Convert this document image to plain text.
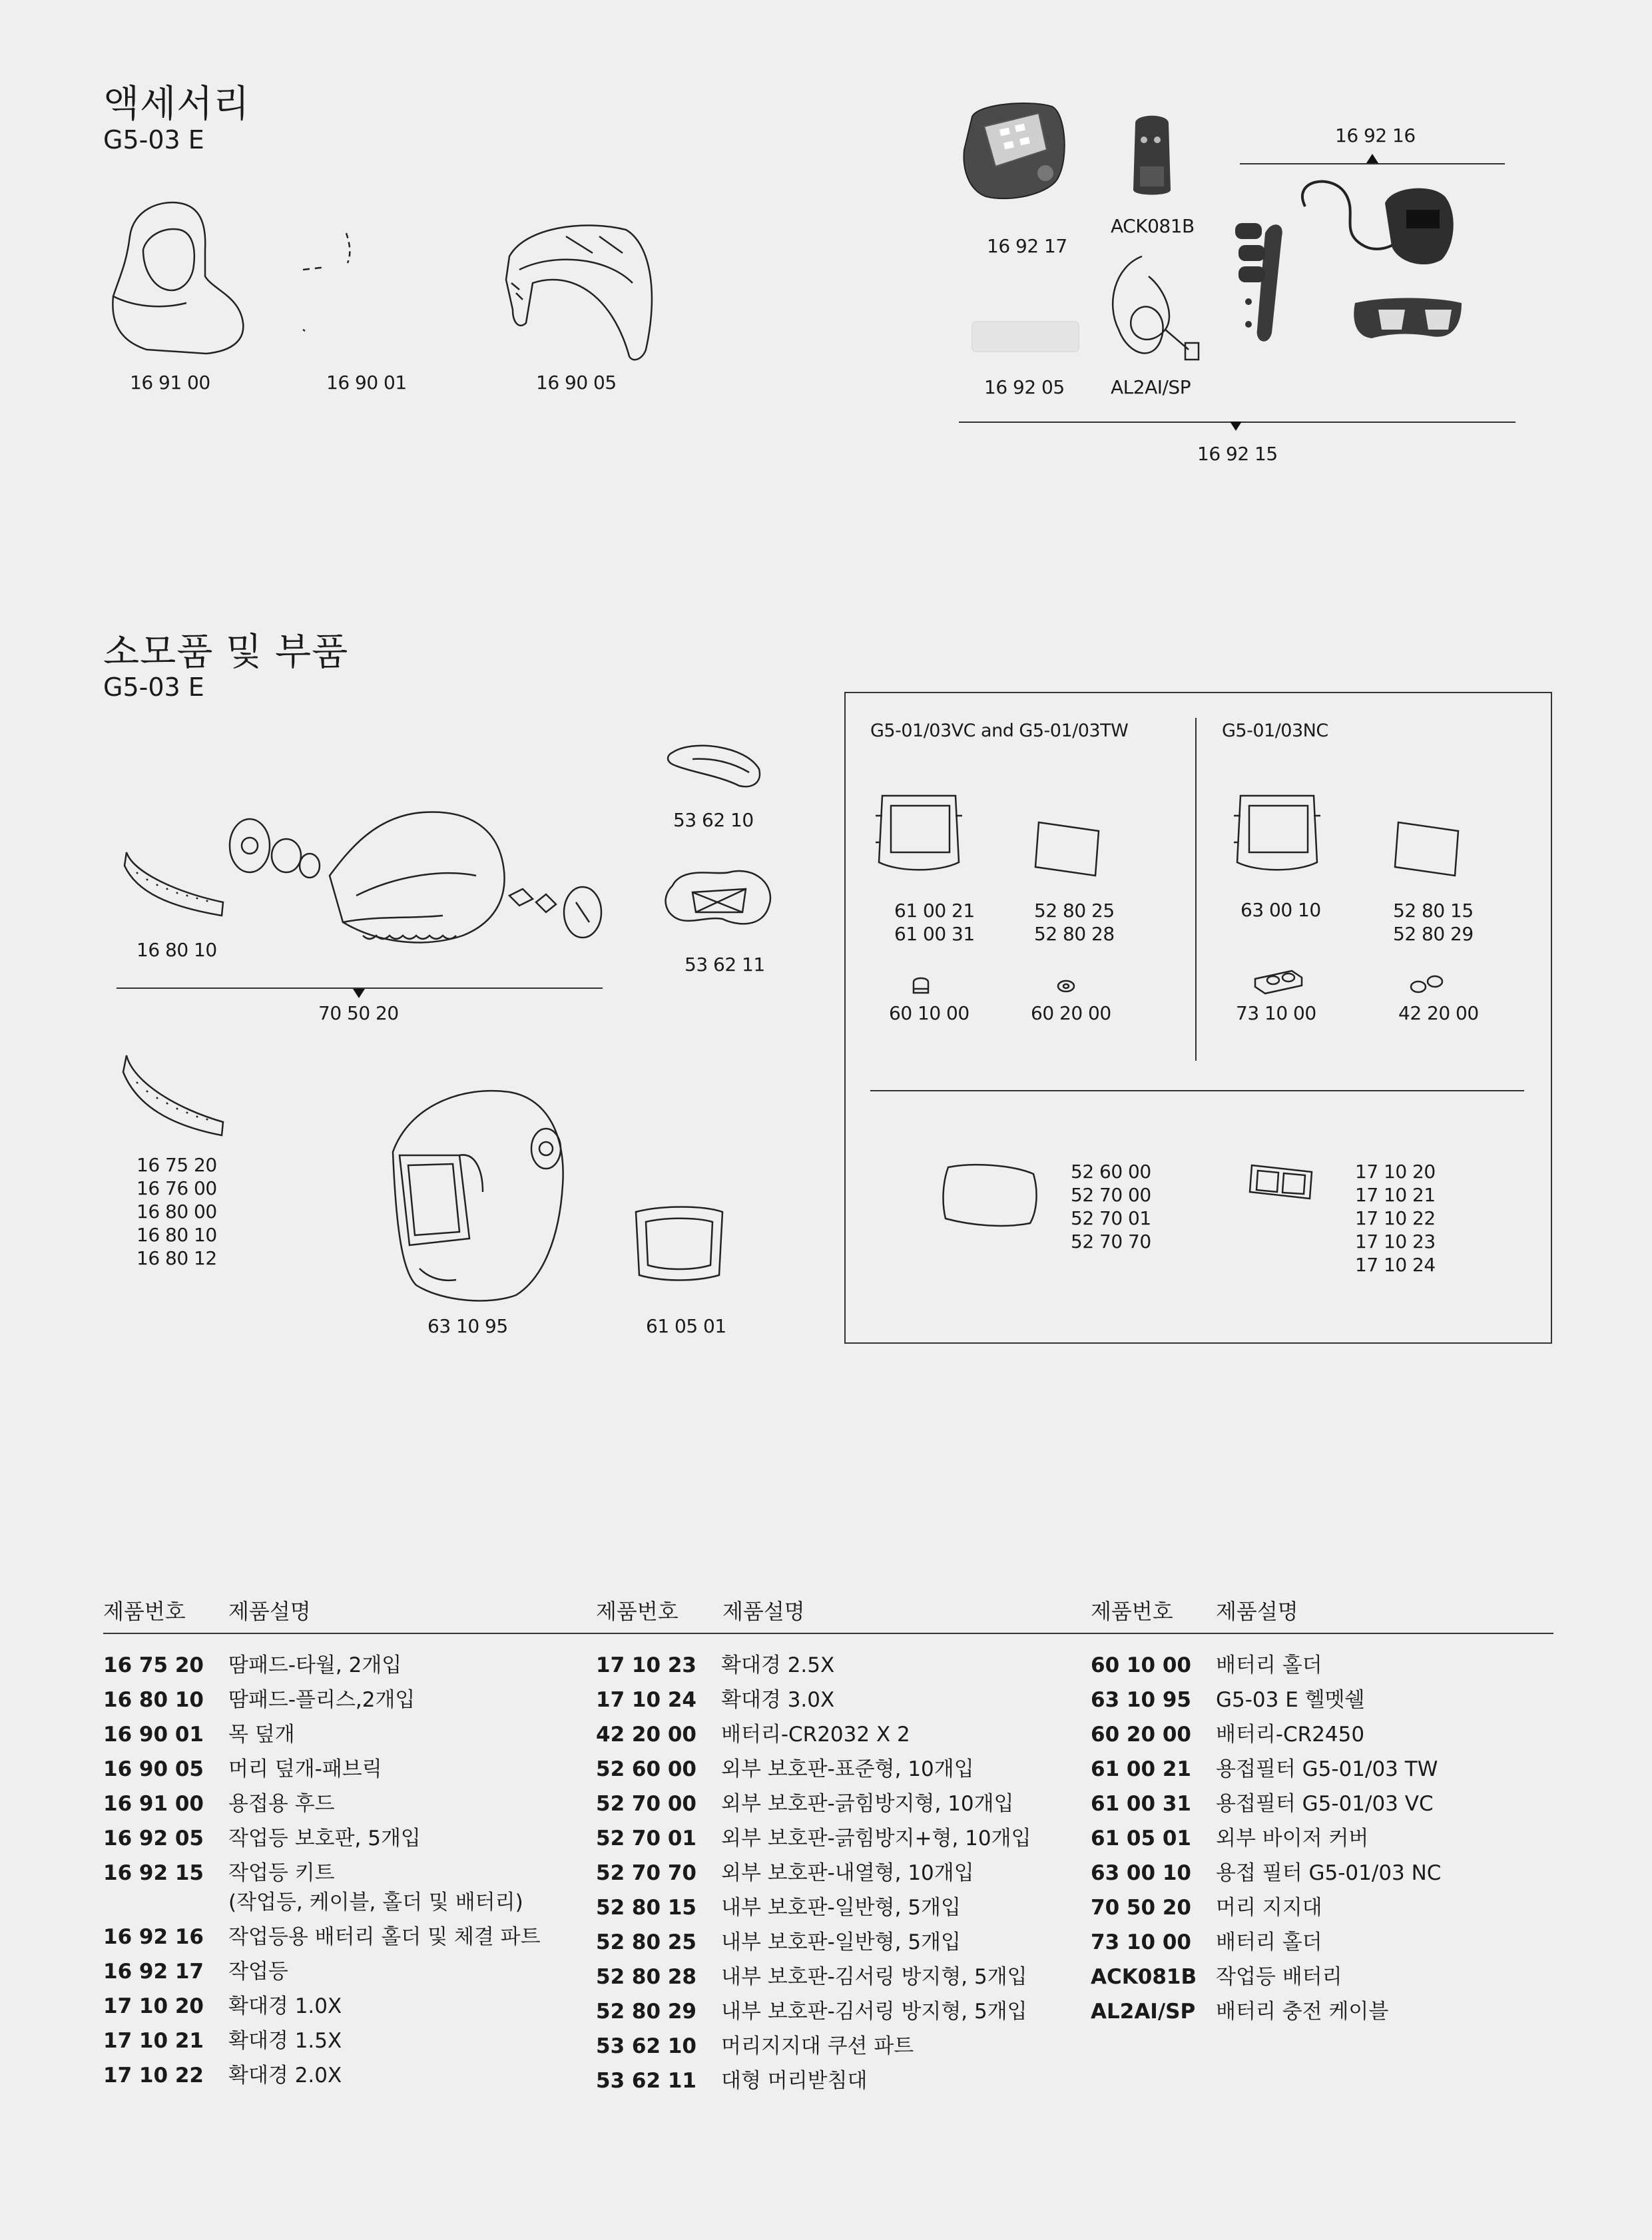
액세서리
G5-03 E
16 91 00	16 90 01	16 90 05
16 92 17
ACK081B
16 92 16
16 92 05 AL2AI/SP
16 92 15
소모품 및 부품
G5-03 E
16 80 10
70 50 20
53 62 10
53 62 11
16 75 20
16 76 00
16 80 00
16 80 10
16 80 12
63 10 95	61 05 01
G5-01/03VC and G5-01/03TW	G5-01/03NC
61 00 21
61 00 31
52 80 25
52 80 28
63 00 10	52 80 15
52 80 29
60 10 00	60 20 00	73 10 00	42 20 00
52 60 00
52 70 00
52 70 01
52 70 70
17 10 20
17 10 21
17 10 22
17 10 23
17 10 24
제품번호 제품설명	제품번호 제품설명	제품번호 제품설명
16 75 20 땀패드-타월, 2개입
16 80 10 땀패드-플리스,2개입
16 90 01 목 덮개
16 90 05 머리 덮개-패브릭
16 91 00 용접용 후드
16 92 05 작업등 보호판, 5개입
16 92 15 작업등 키트
(작업등, 케이블, 홀더 및 배터리)
16 92 16 작업등용 배터리 홀더 및 체결 파트
16 92 17 작업등
17 10 20 확대경 1.0X
17 10 21 확대경 1.5X
17 10 22 확대경 2.0X
17 10 23 확대경 2.5X
17 10 24 확대경 3.0X
42 20 00 배터리-CR2032 X 2
52 60 00 외부 보호판-표준형, 10개입
52 70 00 외부 보호판-긁힘방지형, 10개입
52 70 01 외부 보호판-긁힘방지+형, 10개입
52 70 70 외부 보호판-내열형, 10개입
52 80 15 내부 보호판-일반형, 5개입
52 80 25 내부 보호판-일반형, 5개입
52 80 28 내부 보호판-김서링 방지형, 5개입
52 80 29 내부 보호판-김서링 방지형, 5개입
53 62 10 머리지지대 쿠션 파트
53 62 11 대형 머리받침대
60 10 00 배터리 홀더
63 10 95 G5-03 E 헬멧쉘
60 20 00 배터리-CR2450
61 00 21 용접필터 G5-01/03 TW
61 00 31 용접필터 G5-01/03 VC
61 05 01 외부 바이저 커버
63 00 10 용접 필터 G5-01/03 NC
70 50 20 머리 지지대
73 10 00 배터리 홀더
ACK081B 작업등 배터리
AL2AI/SP 배터리 충전 케이블
